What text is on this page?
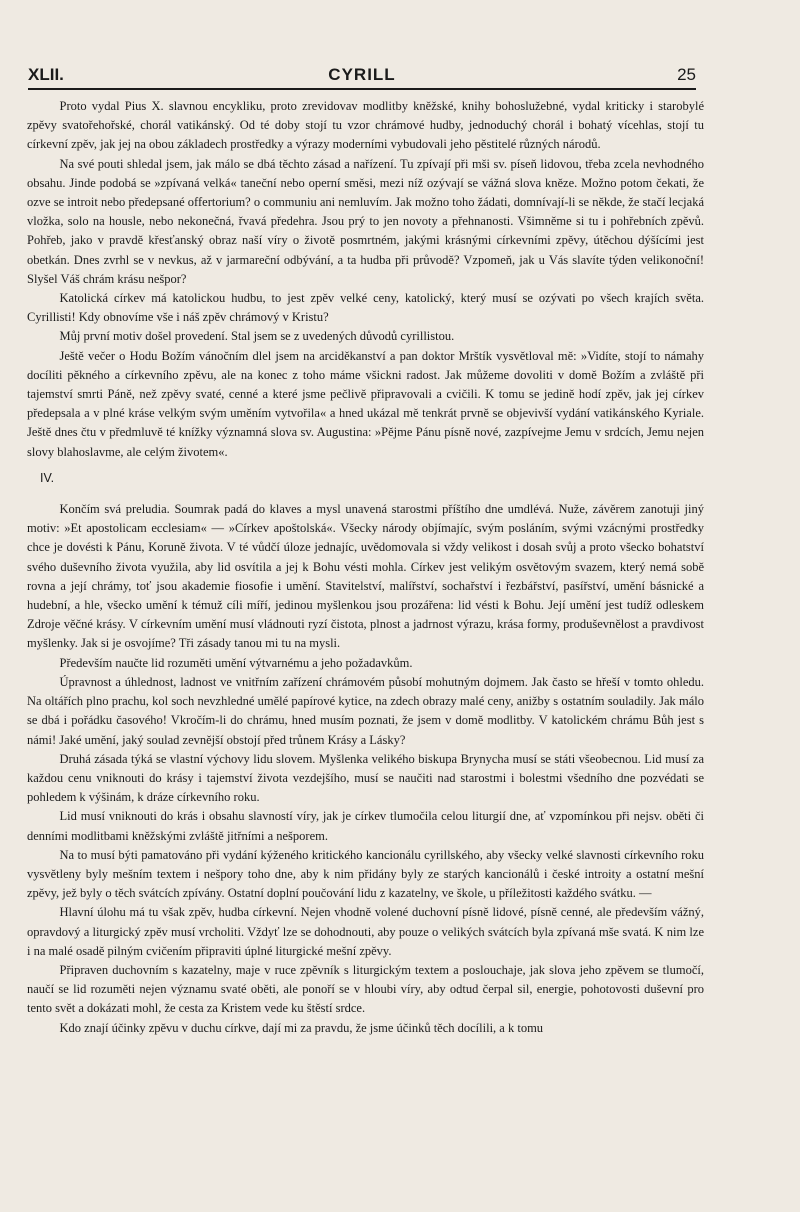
XLII.	CYRILL	25

Proto vydal Pius X. slavnou encykliku, proto zrevidovav modlitby kněžské, knihy bohoslužebné, vydal kriticky i starobylé zpěvy svatořehořské, chorál vatikánský. Od té doby stojí tu vzor chrámové hudby, jednoduchý chorál i bohatý vícehlas, stojí tu církevní zpěv, jak jej na obou základech prostředky a výrazy moderními vybudovali jeho pěstitelé různých národů.

Na své pouti shledal jsem, jak málo se dbá těchto zásad a nařízení. Tu zpívají při mši sv. píseň lidovou, třeba zcela nevhodného obsahu. Jinde podobá se »zpívaná velká« taneční nebo operní směsi, mezi níž ozývají se vážná slova kněze. Možno potom čekati, že ozve se introit nebo předepsané offertorium? o communiu ani nemluvím. Jak možno toho žádati, domnívají-li se někde, že stačí lecjaká vložka, solo na housle, nebo nekonečná, řvavá předehra. Jsou prý to jen novoty a přehnanosti. Všimněme si tu i pohřebních zpěvů. Pohřeb, jako v pravdě křesťanský obraz naší víry o životě posmrtném, jakými krásnými církevními zpěvy, útěchou dýšícími jest obetkán. Dnes zvrhl se v nevkus, až v jarmareční odbývání, a ta hudba při průvodě? Vzpomeň, jak u Vás slavíte týden velikonoční! Slyšel Váš chrám krásu nešpor?

Katolická církev má katolickou hudbu, to jest zpěv velké ceny, katolický, který musí se ozývati po všech krajích světa. Cyrillisti! Kdy obnovíme vše i náš zpěv chrámový v Kristu?

Můj první motiv došel provedení. Stal jsem se z uvedených důvodů cyrillistou.

Ještě večer o Hodu Božím vánočním dlel jsem na arciděkanství a pan doktor Mrštík vysvětloval mě: »Vidíte, stojí to námahy docíliti pěkného a církevního zpěvu, ale na konec z toho máme všickni radost. Jak můžeme dovoliti v domě Božím a zvláště při tajemství smrti Páně, než zpěvy svaté, cenné a které jsme pečlivě připravovali a cvičili. K tomu se jedině hodí zpěv, jak jej církev předepsala a v plné kráse velkým svým uměním vytvořila« a hned ukázal mě tenkrát prvně se objevivší vydání vatikánského Kyriale. Ještě dnes čtu v předmluvě té knížky významná slova sv. Augustina: »Pějme Pánu písně nové, zazpívejme Jemu v srdcích, Jemu nejen slovy blahoslavme, ale celým životem«.

IV.

Končím svá preludia. Soumrak padá do klaves a mysl unavená starostmi příštího dne umdlévá. Nuže, závěrem zanotuji jiný motiv: »Et apostolicam ecclesiam« — »Církev apoštolská«. Všecky národy objímajíc, svým posláním, svými vzácnými prostředky chce je dovésti k Pánu, Koruně života. V té vůdčí úloze jednajíc, uvědomovala si vždy velikost i dosah svůj a proto všecko bohatství svého duševního života využila, aby lid osvítila a jej k Bohu vésti mohla. Církev jest velikým osvětovým svazem, který nemá sobě rovna a její chrámy, toť jsou akademie fiosofie i umění. Stavitelství, malířství, sochařství i řezbářství, pasířství, umění básnické a hudební, a hle, všecko umění k témuž cíli míří, jedinou myšlenkou jsou prozářena: lid vésti k Bohu. Její umění jest tudíž odleskem Zdroje věčné krásy. V církevním umění musí vládnouti ryzí čistota, plnost a jadrnost výrazu, krása formy, produševnělost a pravdivost myšlenky. Jak si je osvojíme? Tři zásady tanou mi tu na mysli.

Především naučte lid rozuměti umění výtvarnému a jeho požadavkům.

Úpravnost a úhlednost, ladnost ve vnitřním zařízení chrámovém působí mohutným dojmem. Jak často se hřeší v tomto ohledu. Na oltářích plno prachu, kol soch nevzhledné umělé papírové kytice, na zdech obrazy malé ceny, anižby s ostatním souladily. Jak málo se dbá i pořádku časového! Vkročím-li do chrámu, hned musím poznati, že jsem v domě modlitby. V katolickém chrámu Bůh jest s námi! Jaké umění, jaký soulad zevnější obstojí před trůnem Krásy a Lásky?

Druhá zásada týká se vlastní výchovy lidu slovem. Myšlenka velikého biskupa Brynycha musí se státi všeobecnou. Lid musí za každou cenu vniknouti do krásy i tajemství života vezdejšího, musí se naučiti nad starostmi i bolestmi všedního dne pozvédati se pohledem k výšinám, k dráze církevního roku.

Lid musí vniknouti do krás i obsahu slavností víry, jak je církev tlumočila celou liturgií dne, ať vzpomínkou při nejsv. oběti či denními modlitbami kněžskými zvláště jitřními a nešporem.

Na to musí býti pamatováno při vydání kýženého kritického kancionálu cyrillského, aby všecky velké slavnosti církevního roku vysvětleny byly mešním textem i nešpory toho dne, aby k nim přidány byly ze starých kancionálů i české introity a ostatní mešní zpěvy, jež byly o těch svátcích zpívány. Ostatní doplní poučování lidu z kazatelny, ve škole, u příležitosti každého svátku. —

Hlavní úlohu má tu však zpěv, hudba církevní. Nejen vhodně volené duchovní písně lidové, písně cenné, ale především vážný, opravdový a liturgický zpěv musí vrcholiti. Vždyť lze se dohodnouti, aby pouze o velikých svátcích byla zpívaná mše svatá. K nim lze i na malé osadě pilným cvičením připraviti úplné liturgické mešní zpěvy.

Připraven duchovním s kazatelny, maje v ruce zpěvník s liturgickým textem a poslouchaje, jak slova jeho zpěvem se tlumočí, naučí se lid rozuměti nejen významu svaté oběti, ale ponoří se v hloubi víry, aby odtud čerpal sil, energie, pohotovosti duševní pro tento svět a dokázati mohl, že cesta za Kristem vede ku štěstí srdce.

Kdo znají účinky zpěvu v duchu církve, dají mi za pravdu, že jsme účinků těch docílili, a k tomu
